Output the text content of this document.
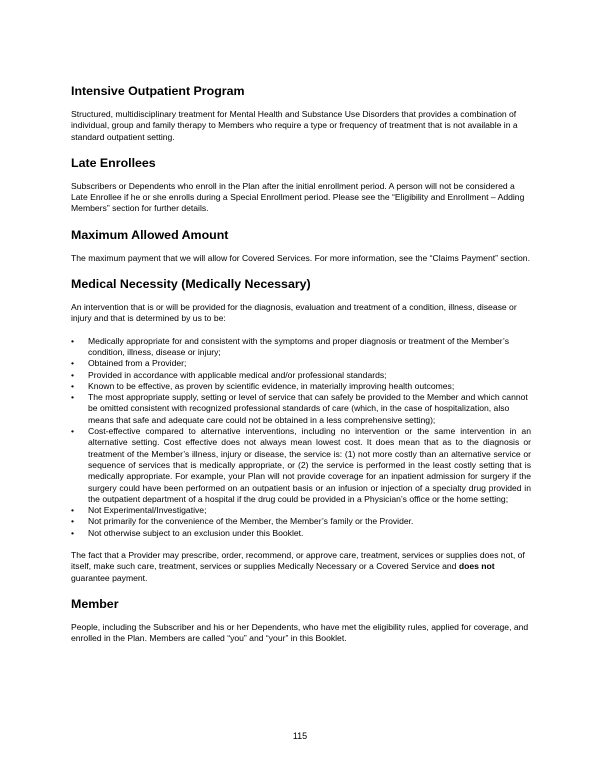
Intensive Outpatient Program

Structured, multidisciplinary treatment for Mental Health and Substance Use Disorders that provides a combination of individual, group and family therapy to Members who require a type or frequency of treatment that is not available in a standard outpatient setting.

Late Enrollees

Subscribers or Dependents who enroll in the Plan after the initial enrollment period. A person will not be considered a Late Enrollee if he or she enrolls during a Special Enrollment period. Please see the “Eligibility and Enrollment – Adding Members” section for further details.

Maximum Allowed Amount

The maximum payment that we will allow for Covered Services. For more information, see the “Claims Payment” section.

Medical Necessity (Medically Necessary)

An intervention that is or will be provided for the diagnosis, evaluation and treatment of a condition, illness, disease or injury and that is determined by us to be:

• Medically appropriate for and consistent with the symptoms and proper diagnosis or treatment of the Member’s condition, illness, disease or injury;
• Obtained from a Provider;
• Provided in accordance with applicable medical and/or professional standards;
• Known to be effective, as proven by scientific evidence, in materially improving health outcomes;
• The most appropriate supply, setting or level of service that can safely be provided to the Member and which cannot be omitted consistent with recognized professional standards of care (which, in the case of hospitalization, also means that safe and adequate care could not be obtained in a less comprehensive setting);
• Cost-effective compared to alternative interventions, including no intervention or the same intervention in an alternative setting. Cost effective does not always mean lowest cost. It does mean that as to the diagnosis or treatment of the Member’s illness, injury or disease, the service is: (1) not more costly than an alternative service or sequence of services that is medically appropriate, or (2) the service is performed in the least costly setting that is medically appropriate. For example, your Plan will not provide coverage for an inpatient admission for surgery if the surgery could have been performed on an outpatient basis or an infusion or injection of a specialty drug provided in the outpatient department of a hospital if the drug could be provided in a Physician’s office or the home setting;
• Not Experimental/Investigative;
• Not primarily for the convenience of the Member, the Member’s family or the Provider.
• Not otherwise subject to an exclusion under this Booklet.

The fact that a Provider may prescribe, order, recommend, or approve care, treatment, services or supplies does not, of itself, make such care, treatment, services or supplies Medically Necessary or a Covered Service and does not guarantee payment.

Member

People, including the Subscriber and his or her Dependents, who have met the eligibility rules, applied for coverage, and enrolled in the Plan. Members are called “you” and “your” in this Booklet.

115
